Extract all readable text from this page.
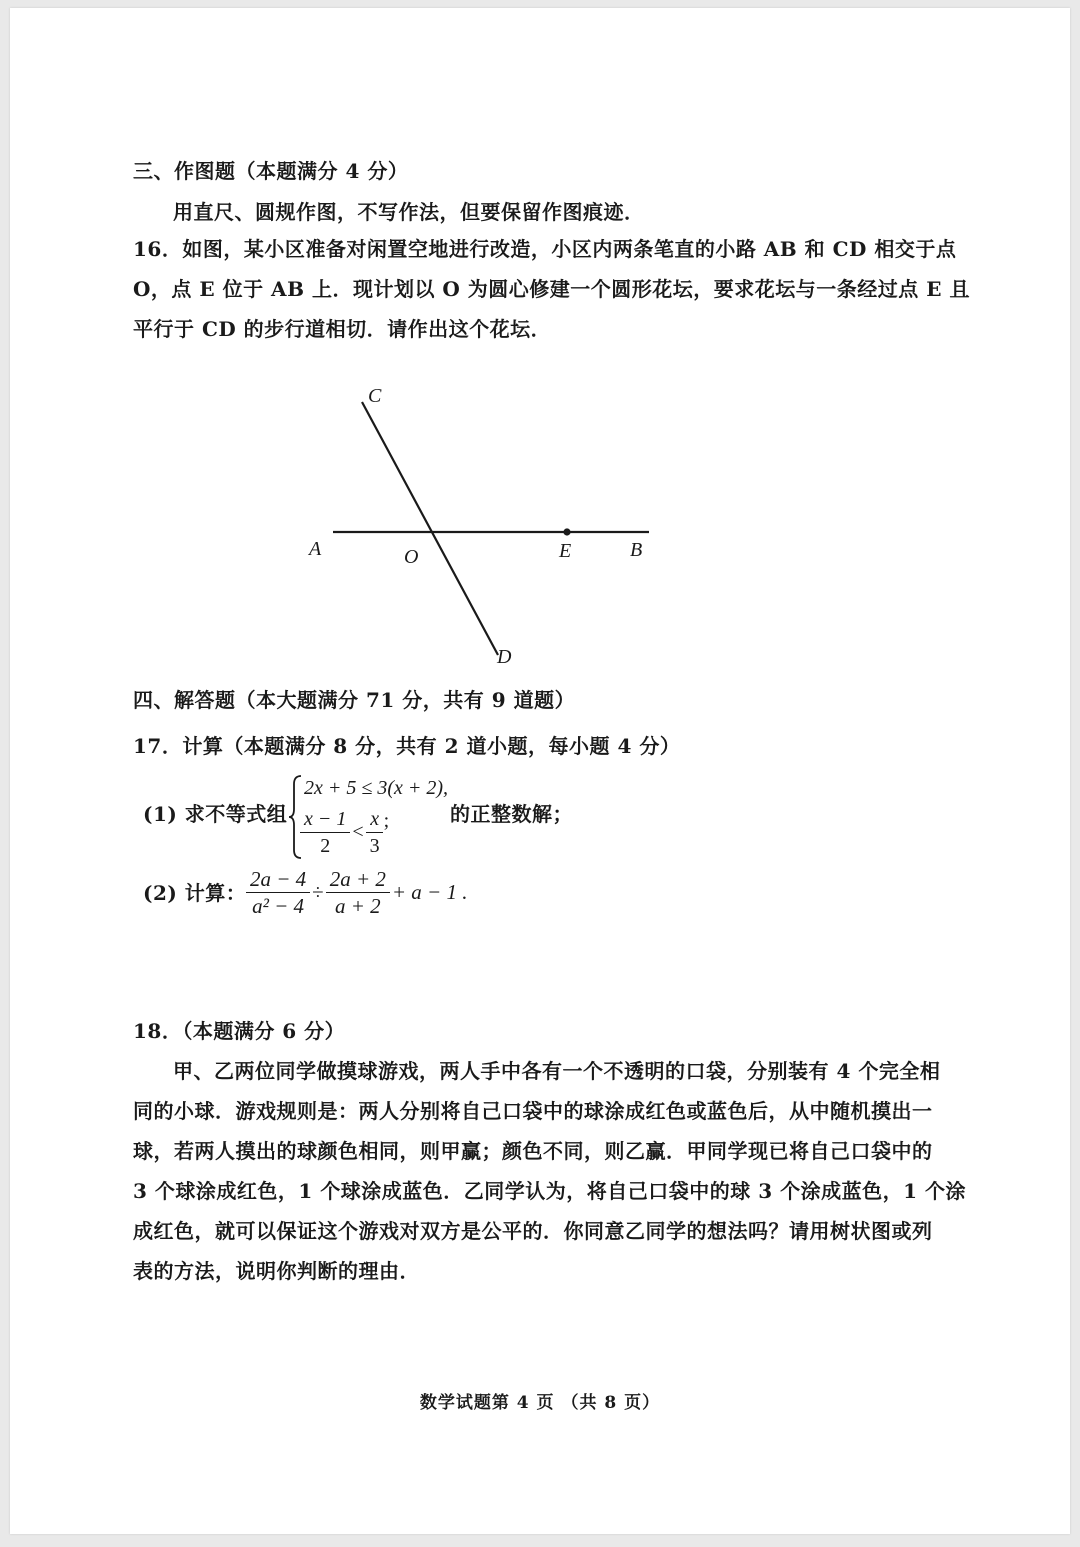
三、作图题（本题满分 4 分）
用直尺、圆规作图，不写作法，但要保留作图痕迹．
16．如图，某小区准备对闲置空地进行改造，小区内两条笔直的小路 AB 和 CD 相交于点
O，点 E 位于 AB 上．现计划以 O 为圆心修建一个圆形花坛，要求花坛与一条经过点 E 且
平行于 CD 的步行道相切．请作出这个花坛．
C
A	O	E	B
D
四、解答题（本大题满分 71 分，共有 9 道题）
17．计算（本题满分 8 分，共有 2 道小题，每小题 4 分）
(1) 求不等式组
2x + 5 ≤ 3(x + 2),
$\frac{x - 1}{2} < \frac{x}{3}$ ;	的正整数解；
(2) 计算： $\frac{2a - 4}{\text{a² − 4}} \div \frac{2a + 2}{a + 2} + a - 1$ .
18．（本题满分 6 分）
甲、乙两位同学做摸球游戏，两人手中各有一个不透明的口袋，分别装有 4 个完全相
同的小球．游戏规则是：两人分别将自己口袋中的球涂成红色或蓝色后，从中随机摸出一
球，若两人摸出的球颜色相同，则甲赢；颜色不同，则乙赢．甲同学现已将自己口袋中的
3 个球涂成红色，1 个球涂成蓝色．乙同学认为，将自己口袋中的球 3 个涂成蓝色，1 个涂
成红色，就可以保证这个游戏对双方是公平的．你同意乙同学的想法吗？请用树状图或列
表的方法，说明你判断的理由．
数学试题第 4 页 （共 8 页）
